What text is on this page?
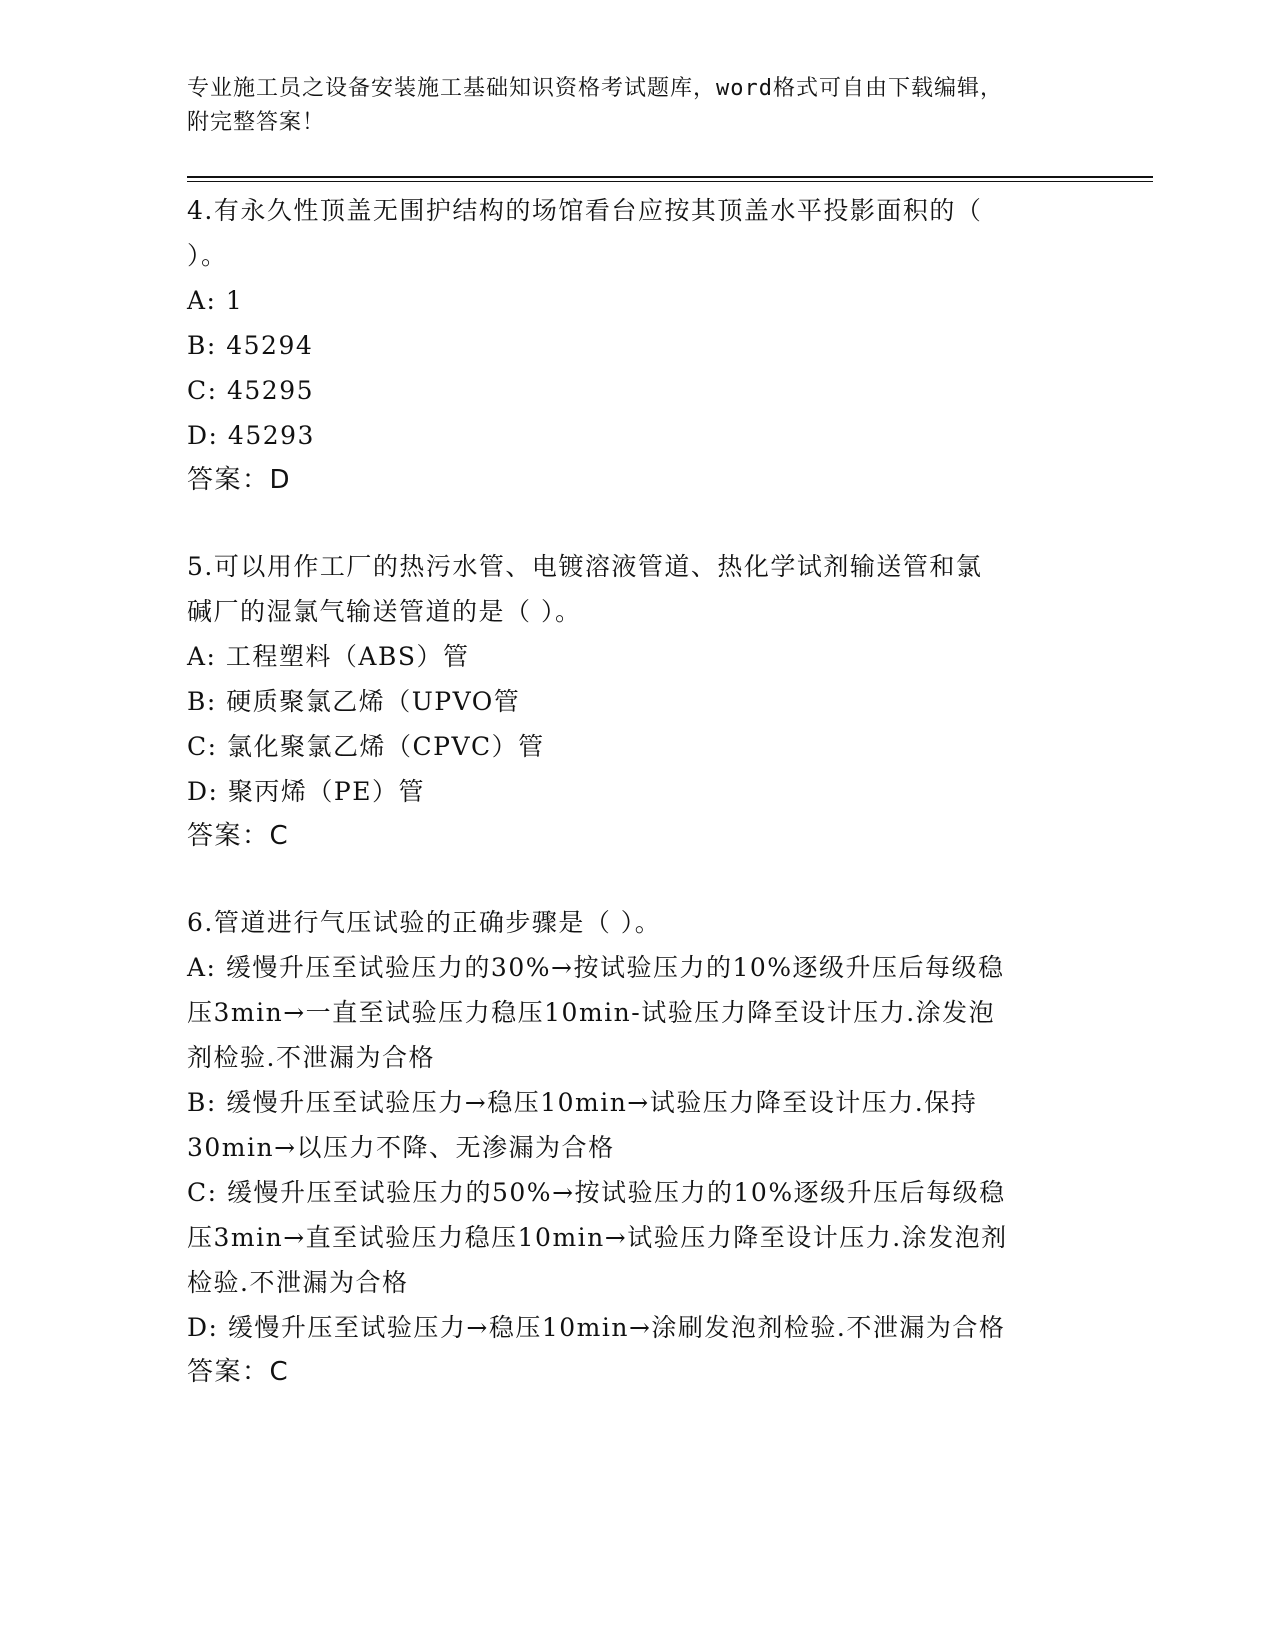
专业施工员之设备安装施工基础知识资格考试题库，word格式可自由下载编辑，
附完整答案！
4.有永久性顶盖无围护结构的场馆看台应按其顶盖水平投影面积的（
）。
A: 1
B: 45294
C: 45295
D: 45293
答案：D
5.可以用作工厂的热污水管、电镀溶液管道、热化学试剂输送管和氯
碱厂的湿氯气输送管道的是（ ）。
A: 工程塑料（ABS）管
B: 硬质聚氯乙烯（UPVO管
C: 氯化聚氯乙烯（CPVC）管
D: 聚丙烯（PE）管
答案：C
6.管道进行气压试验的正确步骤是（ ）。
A: 缓慢升压至试验压力的30%→按试验压力的10%逐级升压后每级稳
压3min→一直至试验压力稳压10min-试验压力降至设计压力.涂发泡
剂检验.不泄漏为合格
B: 缓慢升压至试验压力→稳压10min→试验压力降至设计压力.保持
30min→以压力不降、无渗漏为合格
C: 缓慢升压至试验压力的50%→按试验压力的10%逐级升压后每级稳
压3min→直至试验压力稳压10min→试验压力降至设计压力.涂发泡剂
检验.不泄漏为合格
D: 缓慢升压至试验压力→稳压10min→涂刷发泡剂检验.不泄漏为合格
答案：C
